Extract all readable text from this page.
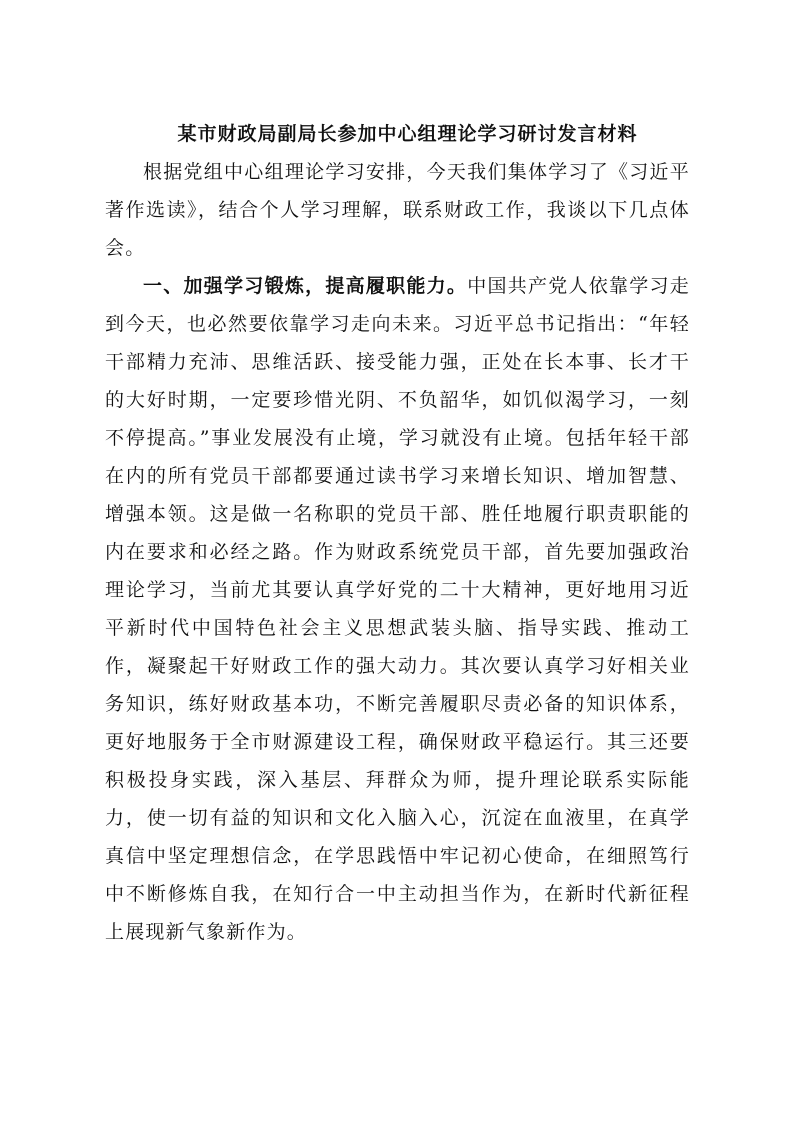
某市财政局副局长参加中心组理论学习研讨发言材料

根据党组中心组理论学习安排，今天我们集体学习了《习近平著作选读》，结合个人学习理解，联系财政工作，我谈以下几点体会。

一、加强学习锻炼，提高履职能力。中国共产党人依靠学习走到今天，也必然要依靠学习走向未来。习近平总书记指出：“年轻干部精力充沛、思维活跃、接受能力强，正处在长本事、长才干的大好时期，一定要珍惜光阴、不负韶华，如饥似渴学习，一刻不停提高。”事业发展没有止境，学习就没有止境。包括年轻干部在内的所有党员干部都要通过读书学习来增长知识、增加智慧、增强本领。这是做一名称职的党员干部、胜任地履行职责职能的内在要求和必经之路。作为财政系统党员干部，首先要加强政治理论学习，当前尤其要认真学好党的二十大精神，更好地用习近平新时代中国特色社会主义思想武装头脑、指导实践、推动工作，凝聚起干好财政工作的强大动力。其次要认真学习好相关业务知识，练好财政基本功，不断完善履职尽责必备的知识体系，更好地服务于全市财源建设工程，确保财政平稳运行。其三还要积极投身实践，深入基层、拜群众为师，提升理论联系实际能力，使一切有益的知识和文化入脑入心，沉淀在血液里，在真学真信中坚定理想信念，在学思践悟中牢记初心使命，在细照笃行中不断修炼自我，在知行合一中主动担当作为，在新时代新征程上展现新气象新作为。
